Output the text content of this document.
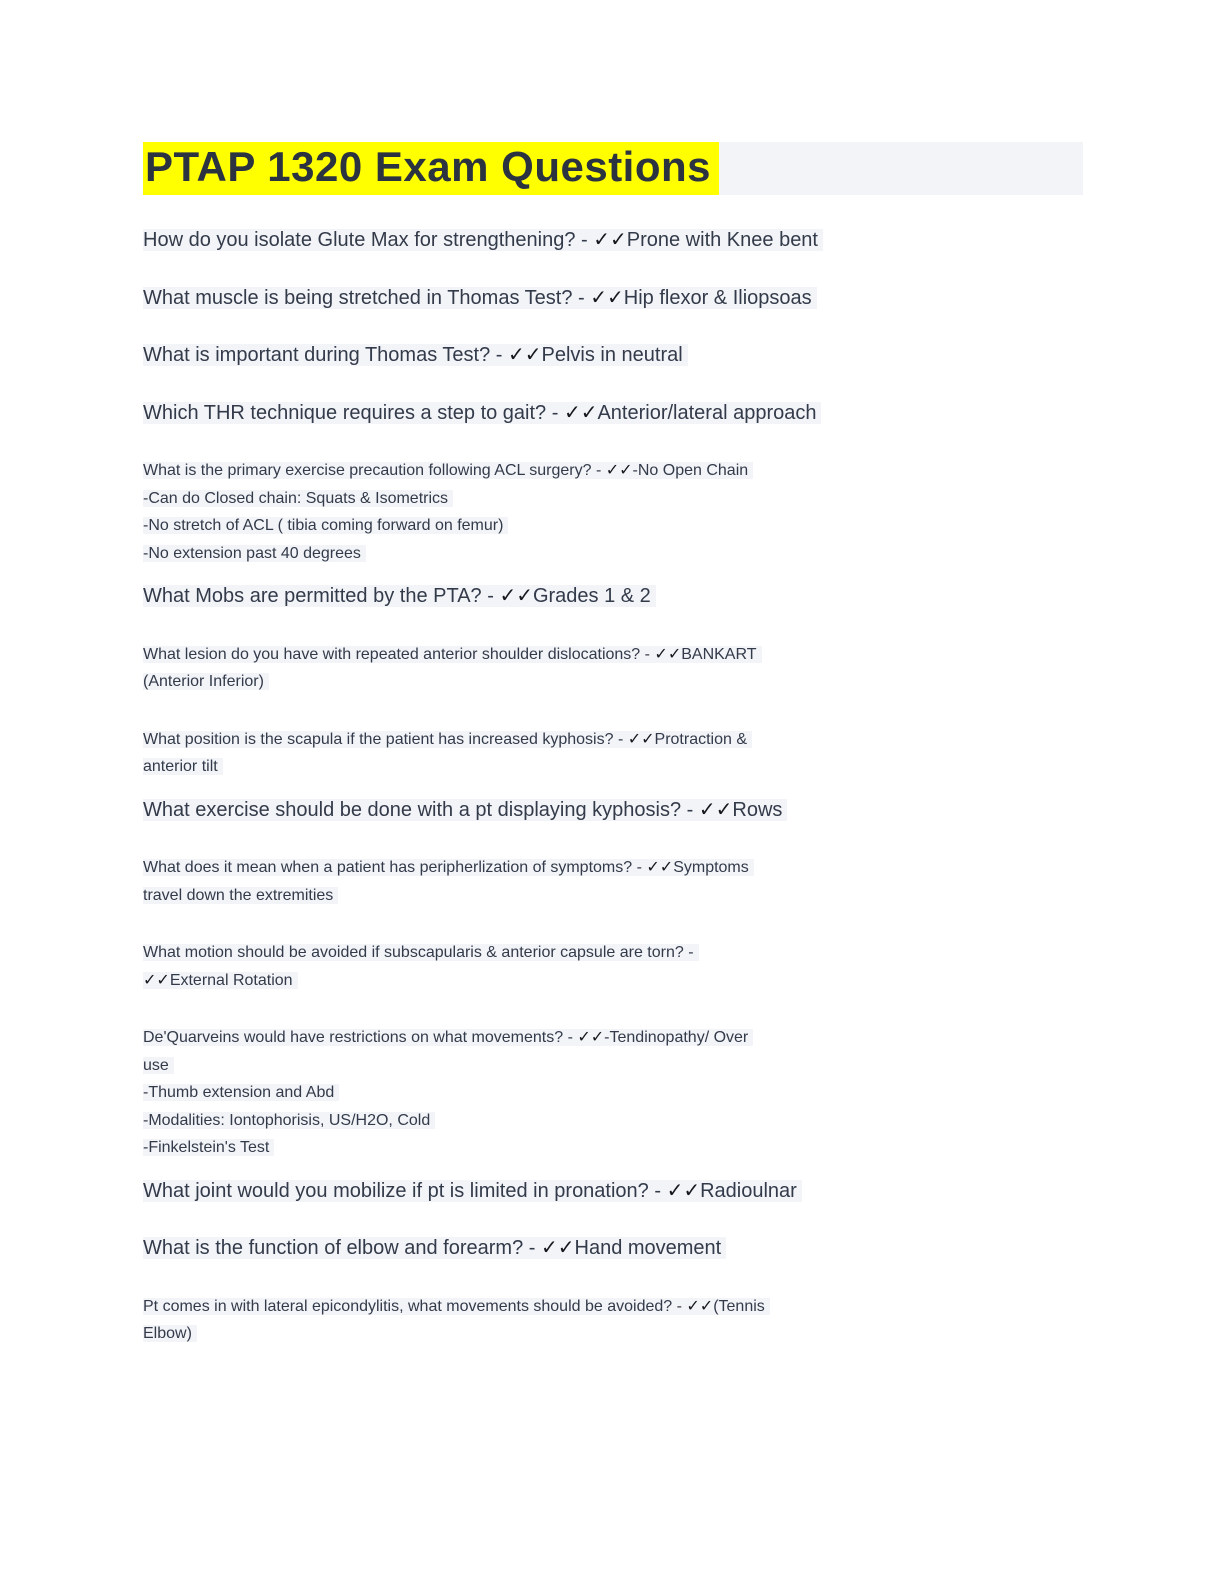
PTAP 1320 Exam Questions

How do you isolate Glute Max for strengthening? - ✓✓Prone with Knee bent

What muscle is being stretched in Thomas Test? - ✓✓Hip flexor & Iliopsoas

What is important during Thomas Test? - ✓✓Pelvis in neutral

Which THR technique requires a step to gait? - ✓✓Anterior/lateral approach

What is the primary exercise precaution following ACL surgery? - ✓✓-No Open Chain
-Can do Closed chain: Squats & Isometrics
-No stretch of ACL ( tibia coming forward on femur)
-No extension past 40 degrees

What Mobs are permitted by the PTA? - ✓✓Grades 1 & 2

What lesion do you have with repeated anterior shoulder dislocations? - ✓✓BANKART
(Anterior Inferior)

What position is the scapula if the patient has increased kyphosis? - ✓✓Protraction &
anterior tilt

What exercise should be done with a pt displaying kyphosis? - ✓✓Rows

What does it mean when a patient has peripherlization of symptoms? - ✓✓Symptoms
travel down the extremities

What motion should be avoided if subscapularis & anterior capsule are torn? -
✓✓External Rotation

De'Quarveins would have restrictions on what movements? - ✓✓-Tendinopathy/ Over
use
-Thumb extension and Abd
-Modalities: Iontophorisis, US/H2O, Cold
-Finkelstein's Test

What joint would you mobilize if pt is limited in pronation? - ✓✓Radioulnar

What is the function of elbow and forearm? - ✓✓Hand movement

Pt comes in with lateral epicondylitis, what movements should be avoided? - ✓✓(Tennis
Elbow)
